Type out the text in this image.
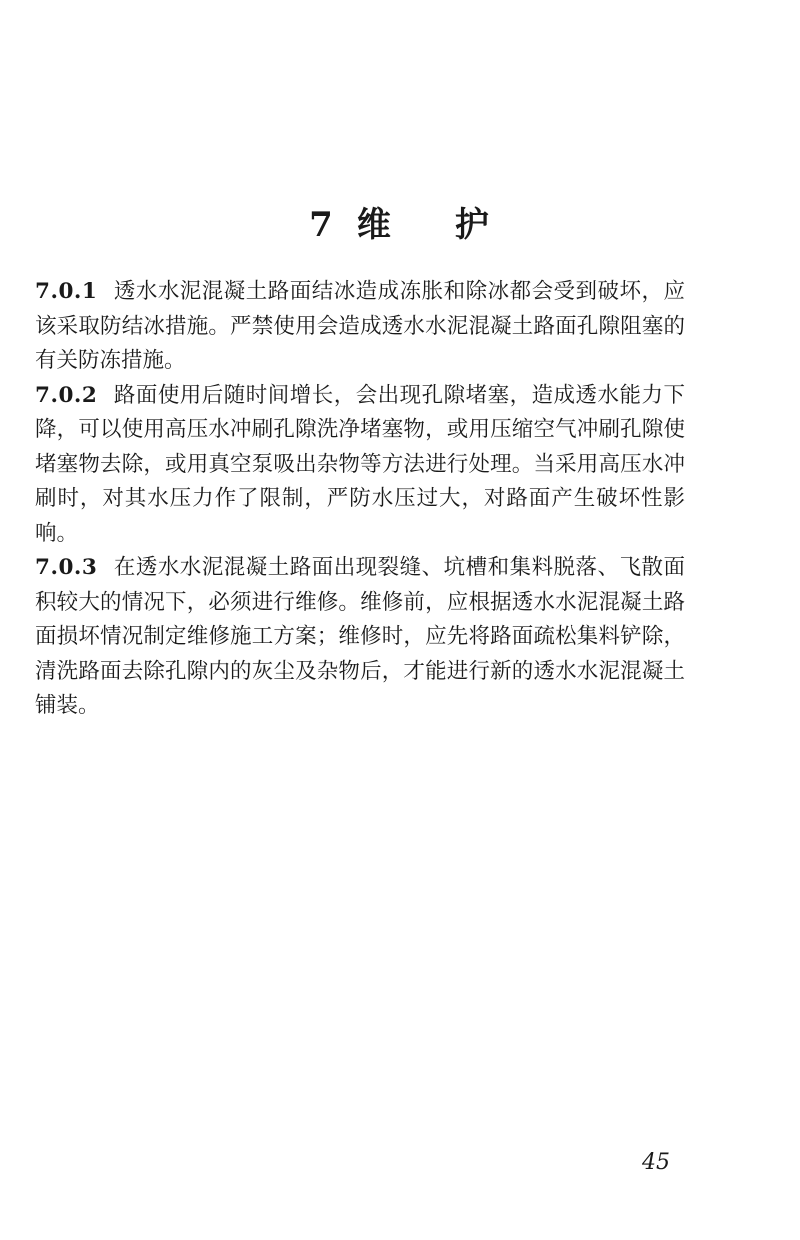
7 维 护

7.0.1 透水水泥混凝土路面结冰造成冻胀和除冰都会受到破坏，应该采取防结冰措施。严禁使用会造成透水水泥混凝土路面孔隙阻塞的有关防冻措施。

7.0.2 路面使用后随时间增长，会出现孔隙堵塞，造成透水能力下降，可以使用高压水冲刷孔隙洗净堵塞物，或用压缩空气冲刷孔隙使堵塞物去除，或用真空泵吸出杂物等方法进行处理。当采用高压水冲刷时，对其水压力作了限制，严防水压过大，对路面产生破坏性影响。

7.0.3 在透水水泥混凝土路面出现裂缝、坑槽和集料脱落、飞散面积较大的情况下，必须进行维修。维修前，应根据透水水泥混凝土路面损坏情况制定维修施工方案；维修时，应先将路面疏松集料铲除，清洗路面去除孔隙内的灰尘及杂物后，才能进行新的透水水泥混凝土铺装。

45
